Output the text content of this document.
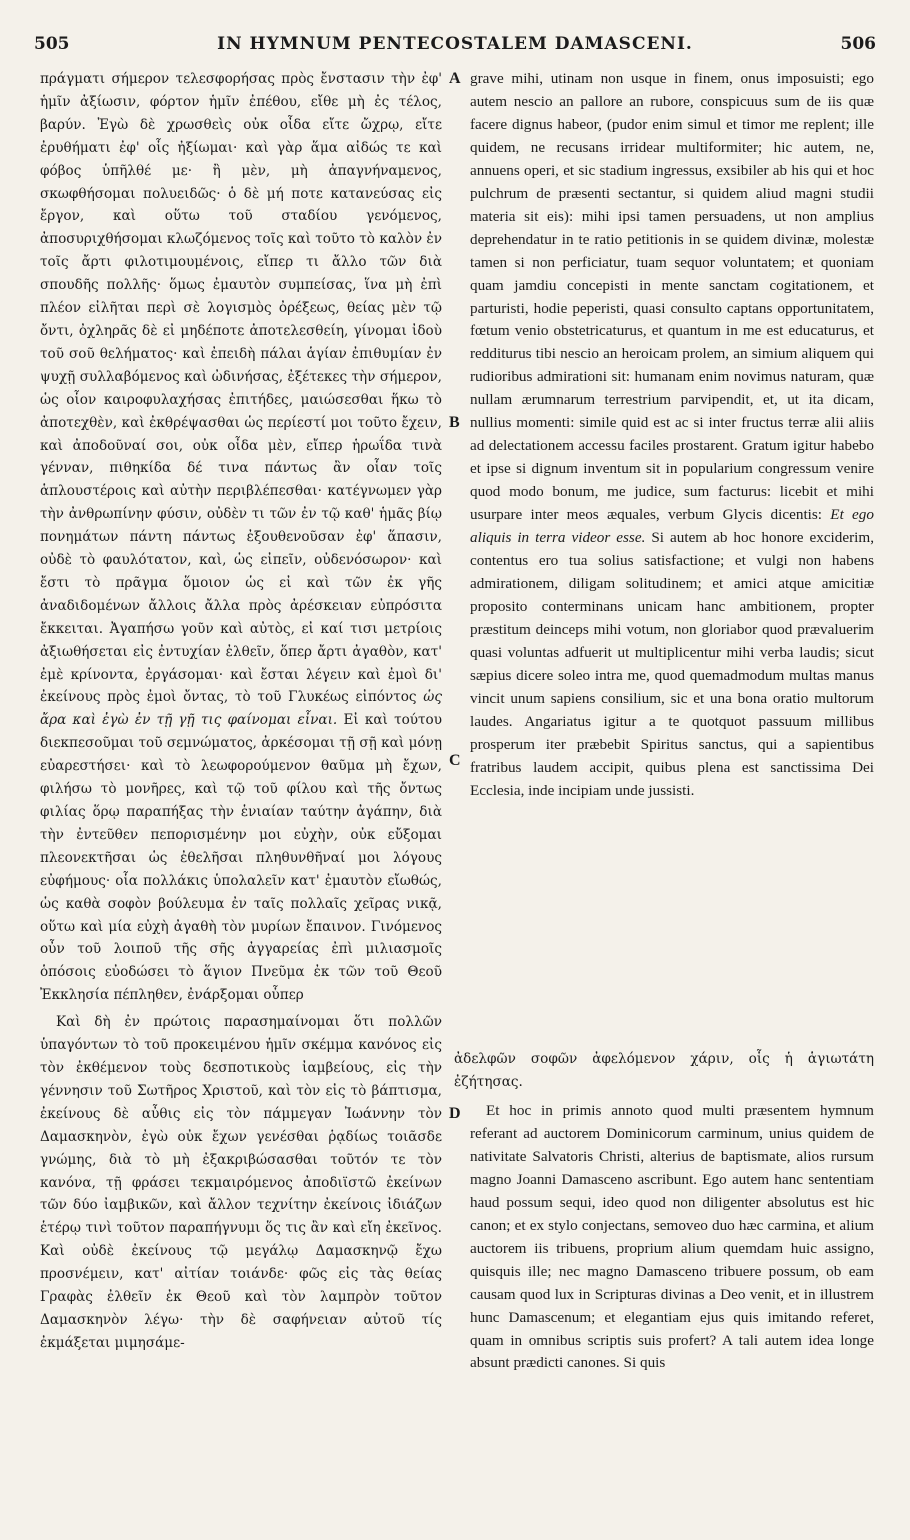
505	IN HYMNUM PENTECOSTALEM DAMASCENI.	506
A
B
C
D

πράγματι σήμερον τελεσφορήσας πρὸς ἔνστασιν τὴν ἐφ' ἡμῖν ἀξίωσιν, φόρτον ἡμῖν ἐπέθου, εἴθε μὴ ἐς τέλος, βαρύν. Ἐγὼ δὲ χρωσθεὶς οὐκ οἶδα εἴτε ὤχρῳ, εἴτε ἐρυθήματι ἐφ' οἷς ἠξίωμαι· καὶ γὰρ ἅμα αἰδώς τε καὶ φόβος ὑπῆλθέ με· ἢ μὲν, μὴ ἀπαγνήναμενος, σκωφθήσομαι πολυειδῶς· ὁ δὲ μή ποτε κατανεύσας εἰς ἔργον, καὶ οὕτω τοῦ σταδίου γενόμενος, ἀποσυριχθήσομαι κλωζόμενος τοῖς καὶ τοῦτο τὸ καλὸν ἐν τοῖς ἄρτι φιλοτιμουμένοις, εἴπερ τι ἄλλο τῶν διὰ σπουδῆς πολλῆς· ὅμως ἐμαυτὸν συμπείσας, ἵνα μὴ ἐπὶ πλέον εἰλῆται περὶ σὲ λογισμὸς ὀρέξεως, θείας μὲν τῷ ὄντι, ὀχληρᾶς δὲ εἰ μηδέποτε ἀποτελεσθείη, γίνομαι ἰδοὺ τοῦ σοῦ θελήματος· καὶ ἐπειδὴ πάλαι ἁγίαν ἐπιθυμίαν ἐν ψυχῇ συλλαβόμενος καὶ ὠδινήσας, ἐξέτεκες τὴν σήμερον, ὡς οἷον καιροφυλαχήσας ἐπιτήδες, μαιώσεσθαι ἥκω τὸ ἀποτεχθὲν, καὶ ἐκθρέψασθαι ὡς περίεστί μοι τοῦτο ἔχειν, καὶ ἀποδοῦναί σοι, οὐκ οἶδα μὲν, εἴπερ ἡρωΐδα τινὰ γένναν, πιθηκίδα δέ τινα πάντως ἂν οἷαν τοῖς ἁπλουστέροις καὶ αὐτὴν περιβλέπεσθαι· κατέγνωμεν γὰρ τὴν ἀνθρωπίνην φύσιν, οὐδὲν τι τῶν ἐν τῷ καθ' ἡμᾶς βίῳ πονημάτων πάντη πάντως ἐξουθενοῦσαν ἐφ' ἅπασιν, οὐδὲ τὸ φαυλότατον, καὶ, ὡς εἰπεῖν, οὐδενόσωρον· καὶ ἔστι τὸ πρᾶγμα ὅμοιον ὡς εἰ καὶ τῶν ἐκ γῆς ἀναδιδομένων ἄλλοις ἄλλα πρὸς ἀρέσκειαν εὐπρόσιτα ἔκκειται. Ἀγαπήσω γοῦν καὶ αὐτὸς, εἰ καί τισι μετρίοις ἀξιωθήσεται εἰς ἐντυχίαν ἐλθεῖν, ὅπερ ἄρτι ἀγαθὸν, κατ' ἐμὲ κρίνοντα, ἐργάσομαι· καὶ ἔσται λέγειν καὶ ἐμοὶ δι' ἐκείνους πρὸς ἐμοὶ ὄντας, τὸ τοῦ Γλυκέως εἰπόντος ὡς ἄρα καὶ ἐγὼ ἐν τῇ γῇ τις φαίνομαι εἶναι. Εἰ καὶ τούτου διεκπεσοῦμαι τοῦ σεμνώματος, ἀρκέσομαι τῇ σῇ καὶ μόνῃ εὐαρεστήσει· καὶ τὸ λεωφορούμενον θαῦμα μὴ ἔχων, φιλήσω τὸ μονῆρες, καὶ τῷ τοῦ φίλου καὶ τῆς ὄντως φιλίας ὅρῳ παραπήξας τὴν ἑνιαίαν ταύτην ἀγάπην, διὰ τὴν ἐντεῦθεν πεπορισμένην μοι εὐχὴν, οὐκ εὔξομαι πλεονεκτῆσαι ὡς ἐθελῆσαι πληθυνθῆναί μοι λόγους εὐφήμους· οἷα πολλάκις ὑπολαλεῖν κατ' ἐμαυτὸν εἴωθώς, ὡς καθὰ σοφὸν βούλευμα ἐν ταῖς πολλαῖς χεῖρας νικᾷ, οὕτω καὶ μία εὐχὴ ἀγαθὴ τὸν μυρίων ἔπαινον. Γινόμενος οὖν τοῦ λοιποῦ τῆς σῆς ἀγγαρείας ἐπὶ μιλιασμοῖς ὁπόσοις εὐοδώσει τὸ ἅγιον Πνεῦμα ἐκ τῶν τοῦ Θεοῦ Ἐκκλησία πέπληθεν, ἐνάρξομαι οὗπερ

Καὶ δὴ ἐν πρώτοις παρασημαίνομαι ὅτι πολλῶν ὑπαγόντων τὸ τοῦ προκειμένου ἡμῖν σκέμμα κανόνος εἰς τὸν ἐκθέμενον τοὺς δεσποτικοὺς ἰαμβείους, εἰς τὴν γέννησιν τοῦ Σωτῆρος Χριστοῦ, καὶ τὸν εἰς τὸ βάπτισμα, ἐκείνους δὲ αὖθις εἰς τὸν πάμμεγαν Ἰωάννην τὸν Δαμασκηνὸν, ἐγὼ οὐκ ἔχων γενέσθαι ῥᾳδίως τοιᾶσδε γνώμης, διὰ τὸ μὴ ἐξακριβώσασθαι τοῦτόν τε τὸν κανόνα, τῇ φράσει τεκμαιρόμενος ἀποδιϊστῶ ἐκείνων τῶν δύο ἰαμβικῶν, καὶ ἄλλον τεχνίτην ἐκείνοις ἰδιάζων ἑτέρῳ τινὶ τοῦτον παραπήγνυμι ὅς τις ἂν καὶ εἴη ἐκεῖνος. Καὶ οὐδὲ ἐκείνους τῷ μεγάλῳ Δαμασκηνῷ ἔχω προσνέμειν, κατ' αἰτίαν τοιάνδε· φῶς εἰς τὰς θείας Γραφὰς ἐλθεῖν ἐκ Θεοῦ καὶ τὸν λαμπρὸν τοῦτον Δαμασκηνὸν λέγω· τὴν δὲ σαφήνειαν αὐτοῦ τίς ἐκμάξεται μιμησάμε-

grave mihi, utinam non usque in finem, onus imposuisti; ego autem nescio an pallore an rubore, conspicuus sum de iis quæ facere dignus habeor, (pudor enim simul et timor me replent; ille quidem, ne recusans irridear multiformiter; hic autem, ne, annuens operi, et sic stadium ingressus, exsibiler ab his qui et hoc pulchrum de præsenti sectantur, si quidem aliud magni studii materia sit eis): mihi ipsi tamen persuadens, ut non amplius deprehendatur in te ratio petitionis in se quidem divinæ, molestæ tamen si non perficiatur, tuam sequor voluntatem; et quoniam quam jamdiu concepisti in mente sanctam cogitationem, et parturisti, hodie peperisti, quasi consulto captans opportunitatem, fœtum venio obstetricaturus, et quantum in me est educaturus, et redditurus tibi nescio an heroicam prolem, an simium aliquem qui rudioribus admirationi sit: humanam enim novimus naturam, quæ nullam ærumnarum terrestrium parvipendit, et, ut ita dicam, nullius momenti: simile quid est ac si inter fructus terræ alii aliis ad delectationem accessu faciles prostarent. Gratum igitur habebo et ipse si dignum inventum sit in popularium congressum venire quod modo bonum, me judice, sum facturus: licebit et mihi usurpare inter meos æquales, verbum Glycis dicentis: Et ego aliquis in terra videor esse. Si autem ab hoc honore exciderim, contentus ero tua solius satisfactione; et vulgi non habens admirationem, diligam solitudinem; et amici atque amicitiæ proposito conterminans unicam hanc ambitionem, propter præstitum deinceps mihi votum, non gloriabor quod prævaluerim quasi voluntas adfuerit ut multiplicentur mihi verba laudis; sicut sæpius dicere soleo intra me, quod quemadmodum multas manus vincit unum sapiens consilium, sic et una bona oratio multorum laudes. Angariatus igitur a te quotquot passuum millibus prosperum iter præbebit Spiritus sanctus, qui a sapientibus fratribus laudem accipit, quibus plena est sanctissima Dei Ecclesia, inde incipiam unde jussisti.

ἀδελφῶν σοφῶν ἀφελόμενον χάριν, οἷς ἡ ἁγιωτάτη ἐζήτησας.

Et hoc in primis annoto quod multi præsentem hymnum referant ad auctorem Dominicorum carminum, unius quidem de nativitate Salvatoris Christi, alterius de baptismate, alios rursum magno Joanni Damasceno ascribunt. Ego autem hanc sententiam haud possum sequi, ideo quod non diligenter absolutus est hic canon; et ex stylo conjectans, semoveo duo hæc carmina, et alium auctorem iis tribuens, proprium alium quemdam huic assigno, quisquis ille; nec magno Damasceno tribuere possum, ob eam causam quod lux in Scripturas divinas a Deo venit, et in illustrem hunc Damascenum; et elegantiam ejus quis imitando referet, quam in omnibus scriptis suis profert? A tali autem idea longe absunt prædicti canones. Si quis
